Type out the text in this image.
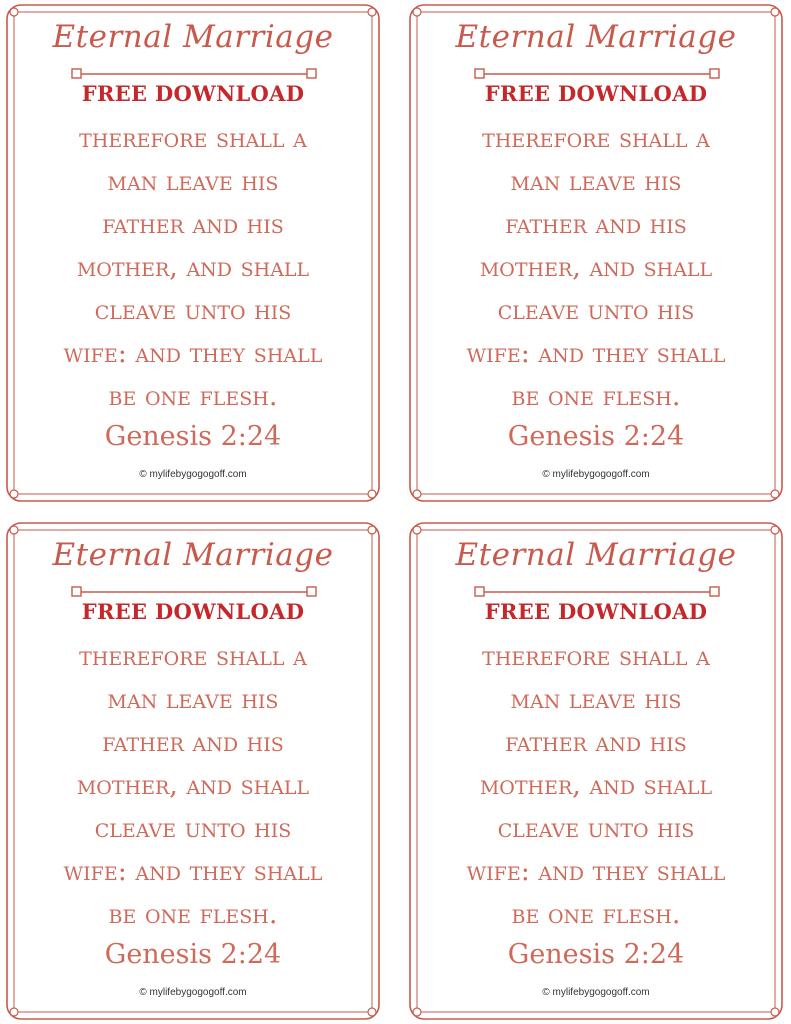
Eternal Marriage
FREE DOWNLOAD
therefore shall a
man leave his
father and his
mother, and shall
cleave unto his
wife: and they shall
be one flesh.
Genesis 2:24
© mylifebygogogoff.com
Eternal Marriage
FREE DOWNLOAD
therefore shall a
man leave his
father and his
mother, and shall
cleave unto his
wife: and they shall
be one flesh.
Genesis 2:24
© mylifebygogogoff.com
Eternal Marriage
FREE DOWNLOAD
therefore shall a
man leave his
father and his
mother, and shall
cleave unto his
wife: and they shall
be one flesh.
Genesis 2:24
© mylifebygogogoff.com
Eternal Marriage
FREE DOWNLOAD
therefore shall a
man leave his
father and his
mother, and shall
cleave unto his
wife: and they shall
be one flesh.
Genesis 2:24
© mylifebygogogoff.com
